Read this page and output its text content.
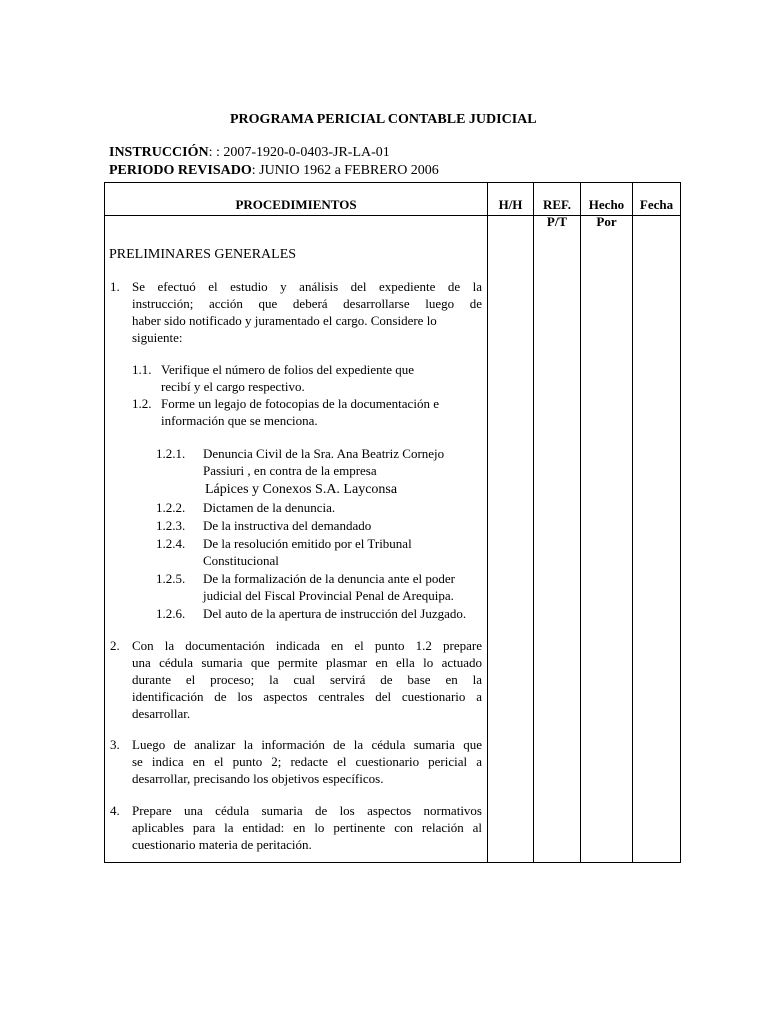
PROGRAMA PERICIAL CONTABLE JUDICIAL
INSTRUCCIÓN: : 2007-1920-0-0403-JR-LA-01
PERIODO REVISADO: JUNIO 1962 a FEBRERO 2006
PROCEDIMIENTOS	H/H	REF.
P/T
Hecho
Por
Fecha
PRELIMINARES GENERALES
1. Se efectuó el estudio y análisis del expediente de la
instrucción; acción que deberá desarrollarse luego de
haber sido notificado y juramentado el cargo. Considere lo
siguiente:
1.1. Verifique el número de folios del expediente que
recibí y el cargo respectivo.
1.2. Forme un legajo de fotocopias de la documentación e
información que se menciona.
1.2.1. Denuncia Civil de la Sra. Ana Beatriz Cornejo
Passiuri , en contra de la empresa
Lápices y Conexos S.A. Layconsa
1.2.2. Dictamen de la denuncia.
1.2.3. De la instructiva del demandado
1.2.4. De la resolución emitido por el Tribunal
Constitucional
1.2.5. De la formalización de la denuncia ante el poder
judicial del Fiscal Provincial Penal de Arequipa.
1.2.6. Del auto de la apertura de instrucción del Juzgado.
2. Con la documentación indicada en el punto 1.2 prepare
una cédula sumaria que permite plasmar en ella lo actuado
durante el proceso; la cual servirá de base en la
identificación de los aspectos centrales del cuestionario a
desarrollar.
3. Luego de analizar la información de la cédula sumaria que
se indica en el punto 2; redacte el cuestionario pericial a
desarrollar, precisando los objetivos específicos.
4. Prepare una cédula sumaria de los aspectos normativos
aplicables para la entidad: en lo pertinente con relación al
cuestionario materia de peritación.
